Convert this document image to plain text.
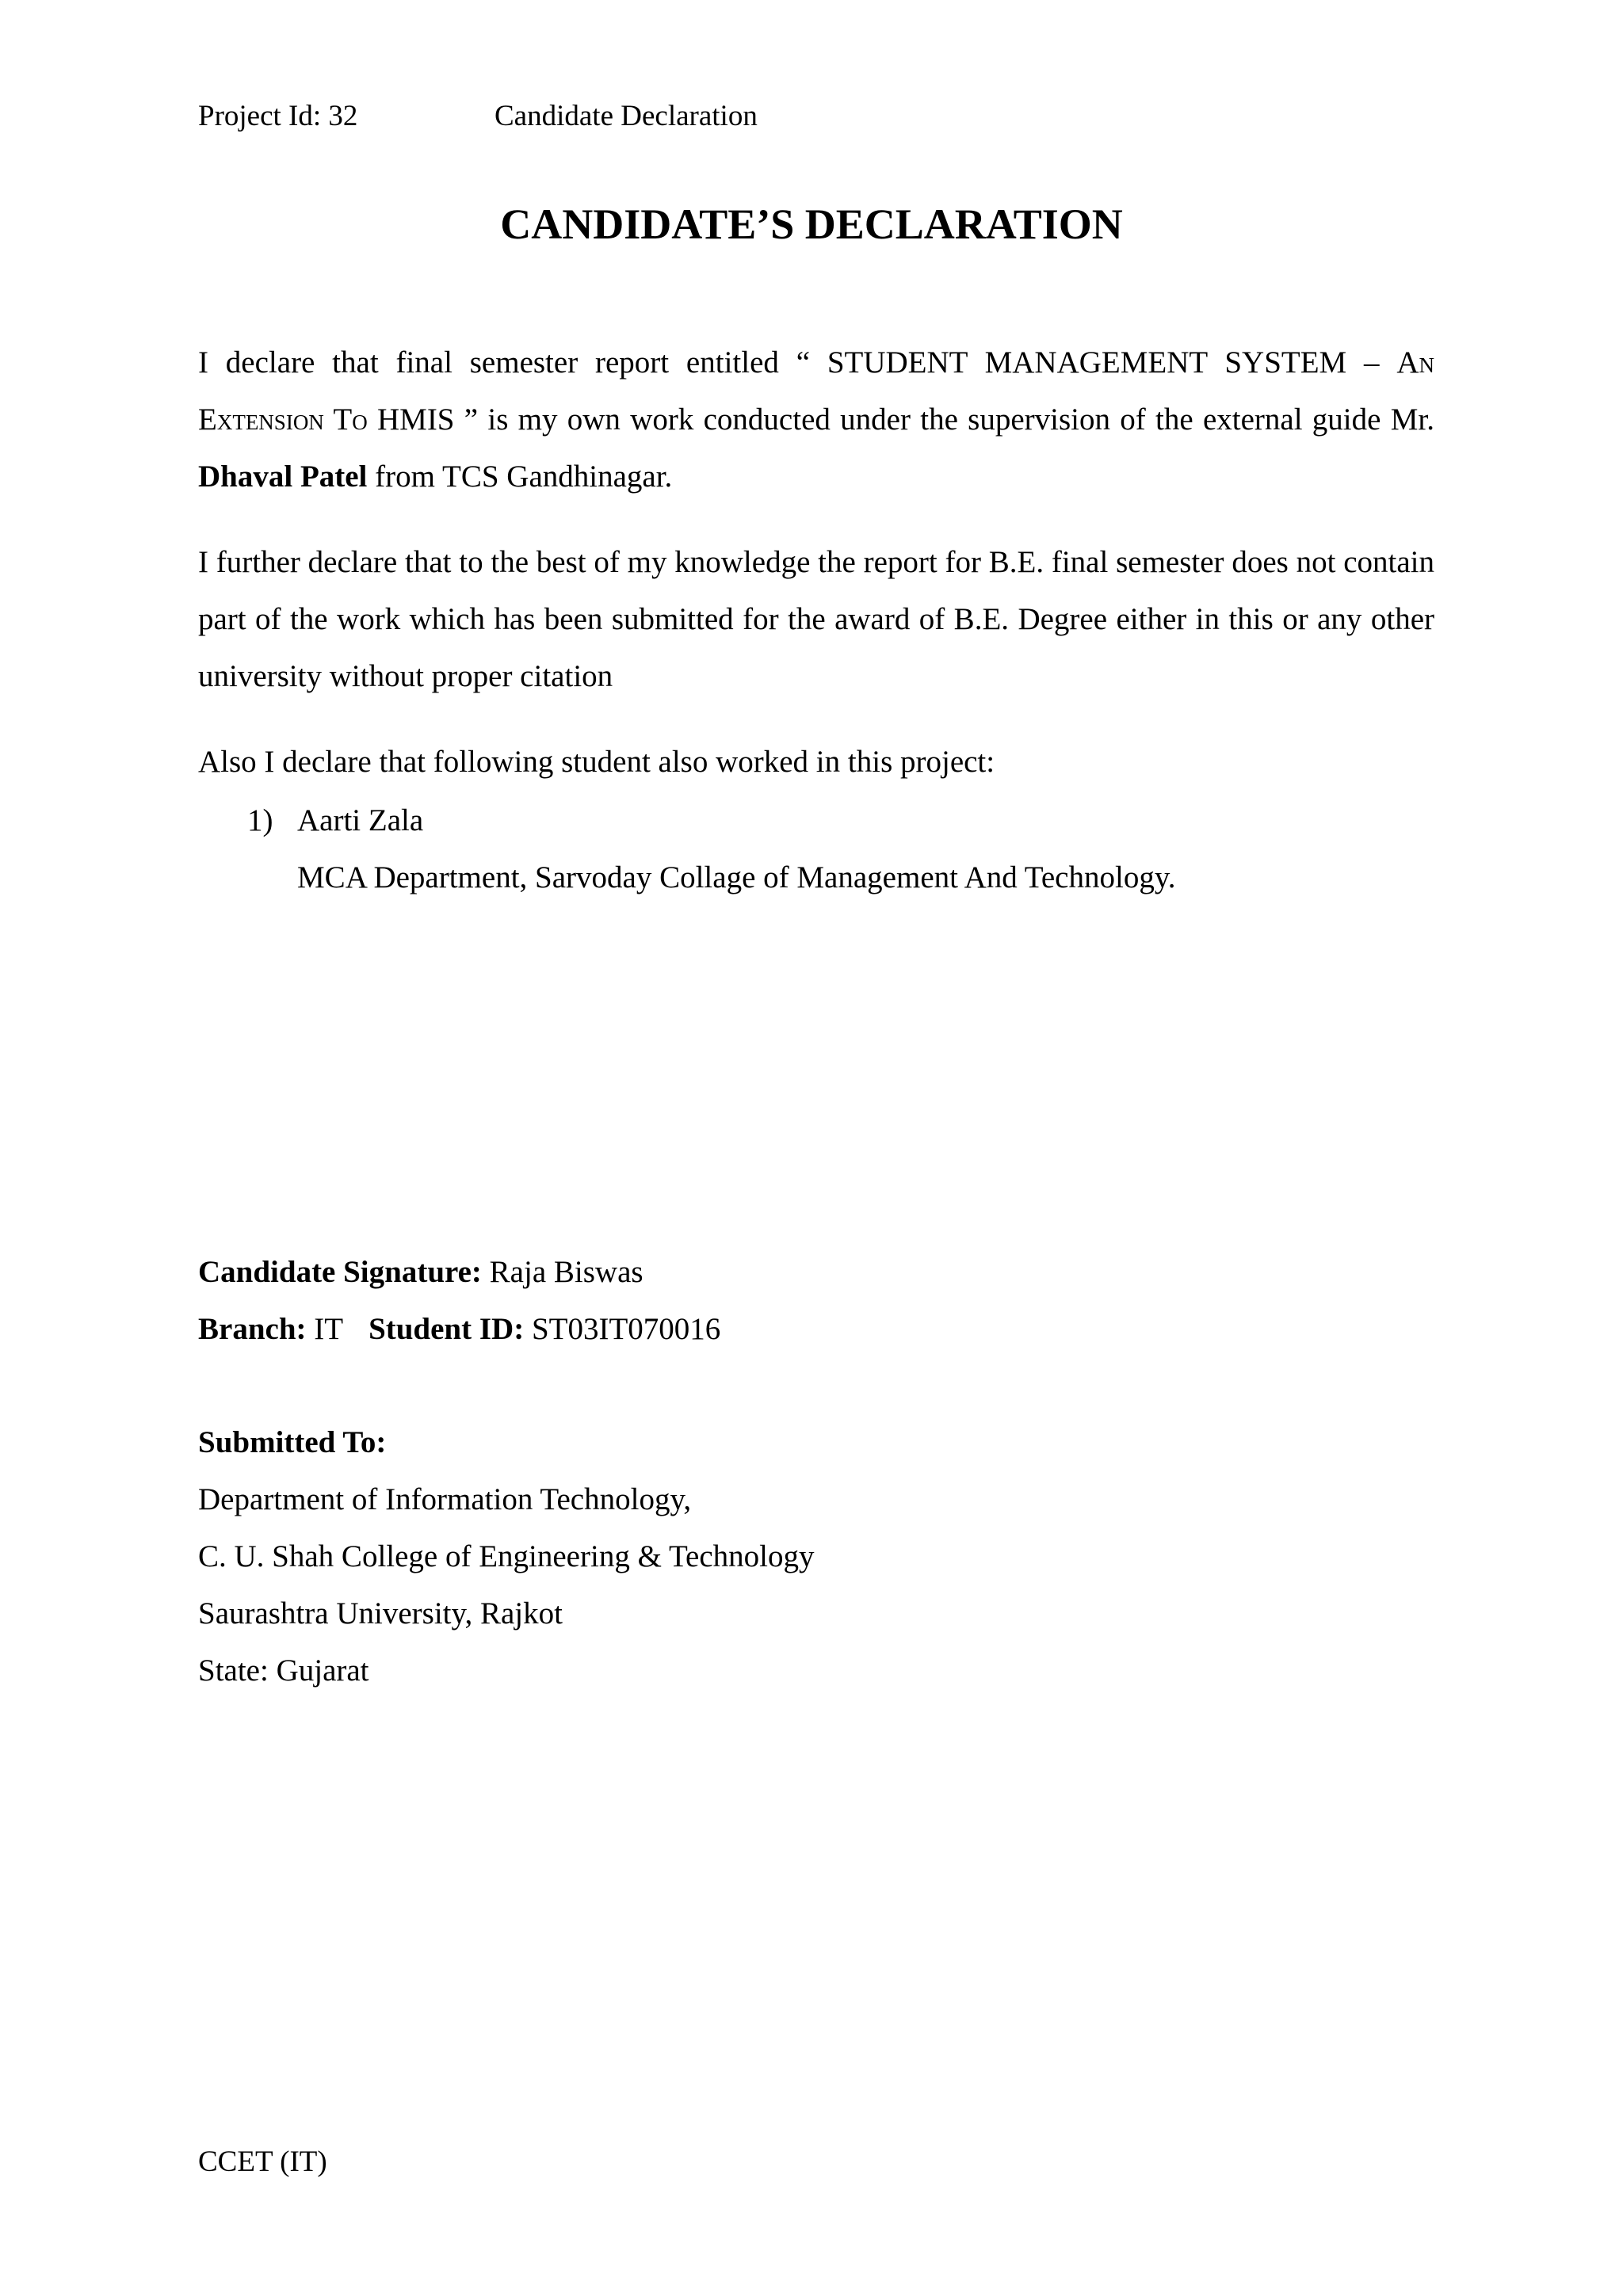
Project Id: 32	Candidate Declaration
CANDIDATE’S DECLARATION

I declare that final semester report entitled “ STUDENT MANAGEMENT SYSTEM – An Extension To HMIS ” is my own work conducted under the supervision of the external guide Mr. Dhaval Patel from TCS Gandhinagar.

I further declare that to the best of my knowledge the report for B.E. final semester does not contain part of the work which has been submitted for the award of B.E. Degree either in this or any other university without proper citation

Also I declare that following student also worked in this project:

1) Aarti Zala
MCA Department, Sarvoday Collage of Management And Technology.
Candidate Signature: Raja Biswas
Branch: IT Student ID: ST03IT070016
Submitted To:
Department of Information Technology,
C. U. Shah College of Engineering & Technology
Saurashtra University, Rajkot
State: Gujarat
CCET (IT)
